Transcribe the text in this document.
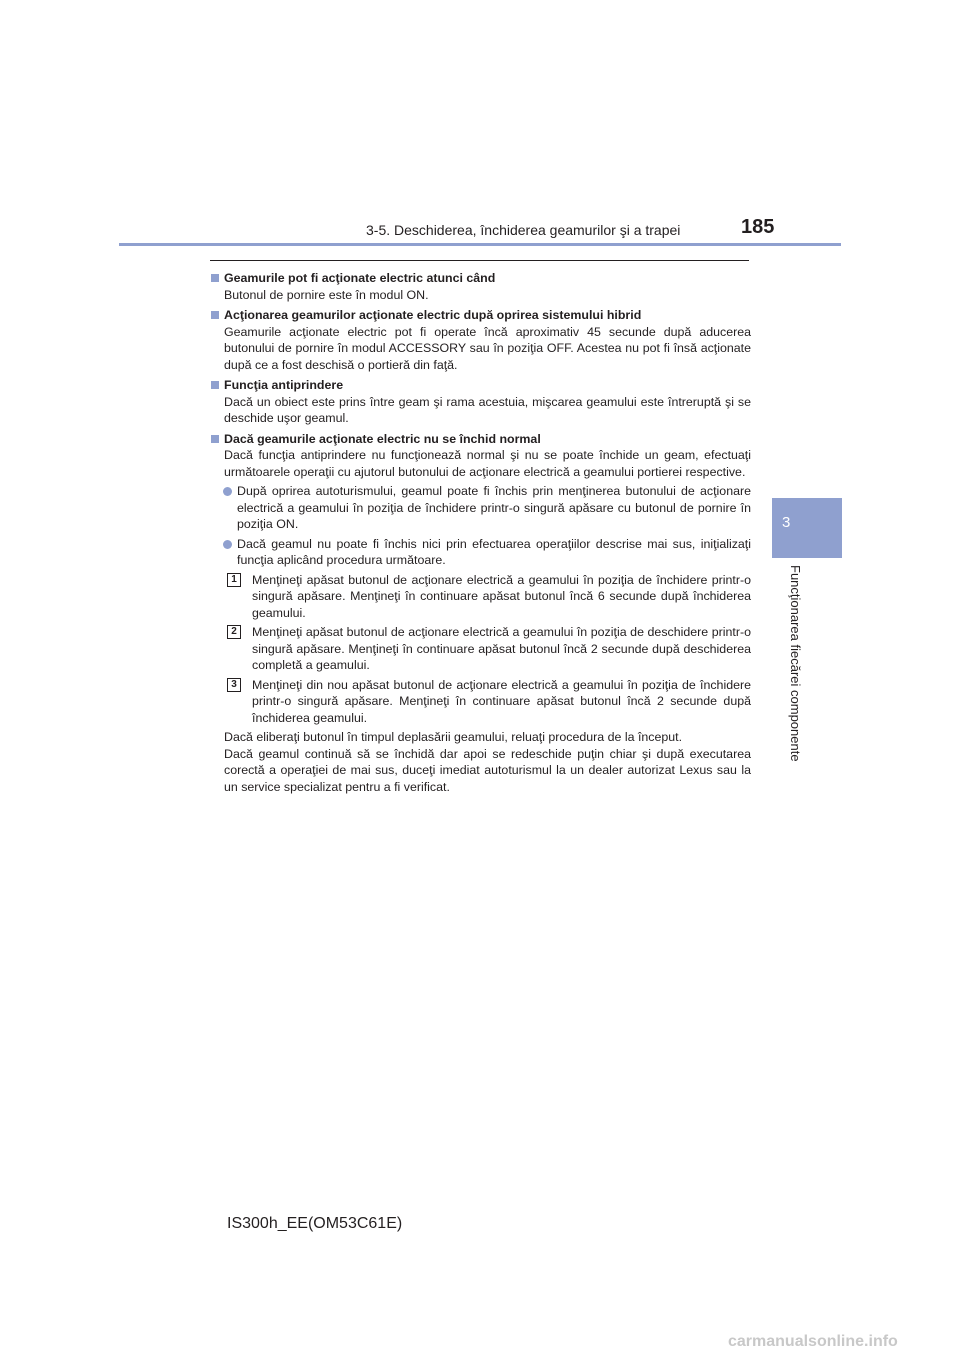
3-5. Deschiderea, închiderea geamurilor şi a trapei	185
3
Funcţionarea fiecărei componente
Geamurile pot fi acţionate electric atunci când
Butonul de pornire este în modul ON.
Acţionarea geamurilor acţionate electric după oprirea sistemului hibrid
Geamurile acţionate electric pot fi operate încă aproximativ 45 secunde după aducerea butonului de pornire în modul ACCESSORY sau în poziţia OFF. Acestea nu pot fi însă acţionate după ce a fost deschisă o portieră din faţă.
Funcţia antiprindere
Dacă un obiect este prins între geam şi rama acestuia, mişcarea geamului este întreruptă şi se deschide uşor geamul.
Dacă geamurile acţionate electric nu se închid normal
Dacă funcţia antiprindere nu funcţionează normal şi nu se poate închide un geam, efectuaţi următoarele operaţii cu ajutorul butonului de acţionare electrică a geamului portierei respective.
După oprirea autoturismului, geamul poate fi închis prin menţinerea butonului de acţionare electrică a geamului în poziţia de închidere printr-o singură apăsare cu butonul de pornire în poziţia ON.
Dacă geamul nu poate fi închis nici prin efectuarea operaţiilor descrise mai sus, iniţializaţi funcţia aplicând procedura următoare.
1	Menţineţi apăsat butonul de acţionare electrică a geamului în poziţia de închidere printr-o singură apăsare. Menţineţi în continuare apăsat butonul încă 6 secunde după închiderea geamului.
2	Menţineţi apăsat butonul de acţionare electrică a geamului în poziţia de deschidere printr-o singură apăsare. Menţineţi în continuare apăsat butonul încă 2 secunde după deschiderea completă a geamului.
3	Menţineţi din nou apăsat butonul de acţionare electrică a geamului în poziţia de închidere printr-o singură apăsare. Menţineţi în continuare apăsat butonul încă 2 secunde după închiderea geamului.
Dacă eliberaţi butonul în timpul deplasării geamului, reluaţi procedura de la început.
Dacă geamul continuă să se închidă dar apoi se redeschide puţin chiar şi după executarea corectă a operaţiei de mai sus, duceţi imediat autoturismul la un dealer autorizat Lexus sau la un service specializat pentru a fi verificat.
IS300h_EE(OM53C61E)
carmanualsonline.info
